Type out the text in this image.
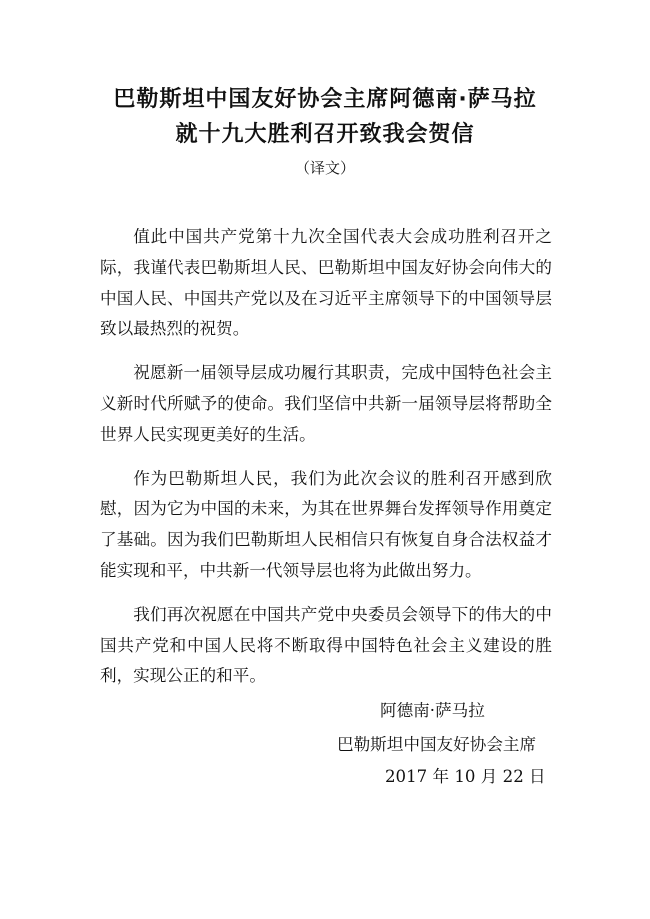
巴勒斯坦中国友好协会主席阿德南·萨马拉
就十九大胜利召开致我会贺信
（译文）

值此中国共产党第十九次全国代表大会成功胜利召开之际，我谨代表巴勒斯坦人民、巴勒斯坦中国友好协会向伟大的中国人民、中国共产党以及在习近平主席领导下的中国领导层致以最热烈的祝贺。

祝愿新一届领导层成功履行其职责，完成中国特色社会主义新时代所赋予的使命。我们坚信中共新一届领导层将帮助全世界人民实现更美好的生活。

作为巴勒斯坦人民，我们为此次会议的胜利召开感到欣慰，因为它为中国的未来，为其在世界舞台发挥领导作用奠定了基础。因为我们巴勒斯坦人民相信只有恢复自身合法权益才能实现和平，中共新一代领导层也将为此做出努力。

我们再次祝愿在中国共产党中央委员会领导下的伟大的中国共产党和中国人民将不断取得中国特色社会主义建设的胜利，实现公正的和平。

阿德南·萨马拉
巴勒斯坦中国友好协会主席
2017 年 10 月 22 日
